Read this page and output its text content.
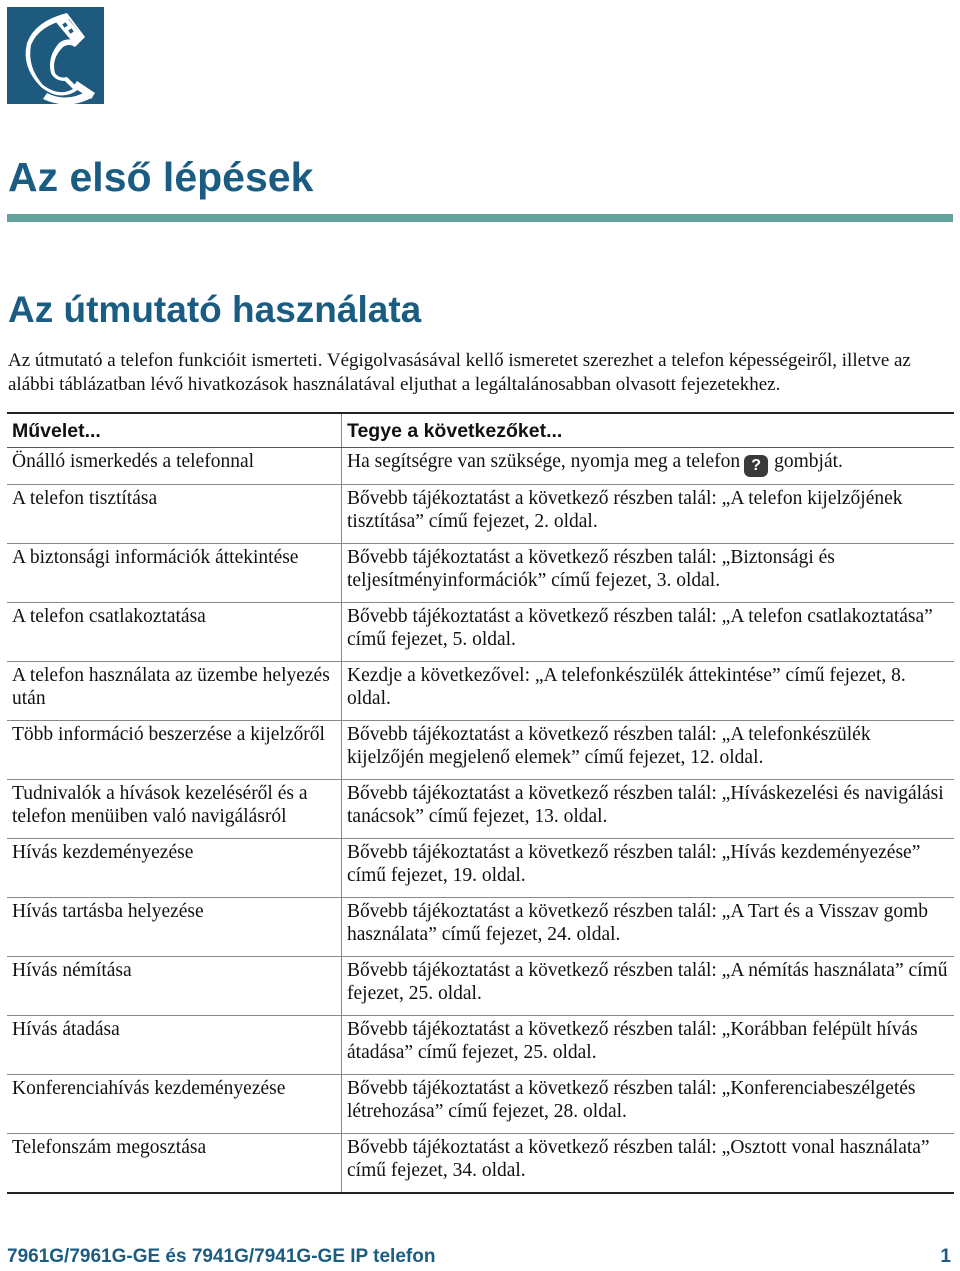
Az első lépések
Az útmutató használata

Az útmutató a telefon funkcióit ismerteti. Végigolvasásával kellő ismeretet szerezhet a telefon képességeiről, illetve az alábbi táblázatban lévő hivatkozások használatával eljuthat a legáltalánosabban olvasott fejezetekhez.

Művelet...	Tegye a következőket...
Önálló ismerkedés a telefonnal	Ha segítségre van szüksége, nyomja meg a telefon ? gombját.
A telefon tisztítása	Bővebb tájékoztatást a következő részben talál: „A telefon kijelzőjének tisztítása” című fejezet, 2. oldal.
A biztonsági információk áttekintése	Bővebb tájékoztatást a következő részben talál: „Biztonsági és teljesítményinformációk” című fejezet, 3. oldal.
A telefon csatlakoztatása	Bővebb tájékoztatást a következő részben talál: „A telefon csatlakoztatása” című fejezet, 5. oldal.
A telefon használata az üzembe helyezés után	Kezdje a következővel: „A telefonkészülék áttekintése” című fejezet, 8. oldal.
Több információ beszerzése a kijelzőről	Bővebb tájékoztatást a következő részben talál: „A telefonkészülék kijelzőjén megjelenő elemek” című fejezet, 12. oldal.
Tudnivalók a hívások kezeléséről és a telefon menüiben való navigálásról	Bővebb tájékoztatást a következő részben talál: „Híváskezelési és navigálási tanácsok” című fejezet, 13. oldal.
Hívás kezdeményezése	Bővebb tájékoztatást a következő részben talál: „Hívás kezdeményezése” című fejezet, 19. oldal.
Hívás tartásba helyezése	Bővebb tájékoztatást a következő részben talál: „A Tart és a Visszav gomb használata” című fejezet, 24. oldal.
Hívás némítása	Bővebb tájékoztatást a következő részben talál: „A némítás használata” című fejezet, 25. oldal.
Hívás átadása	Bővebb tájékoztatást a következő részben talál: „Korábban felépült hívás átadása” című fejezet, 25. oldal.
Konferenciahívás kezdeményezése	Bővebb tájékoztatást a következő részben talál: „Konferenciabeszélgetés létrehozása” című fejezet, 28. oldal.
Telefonszám megosztása	Bővebb tájékoztatást a következő részben talál: „Osztott vonal használata” című fejezet, 34. oldal.
7961G/7961G-GE és 7941G/7941G-GE IP telefon	1
